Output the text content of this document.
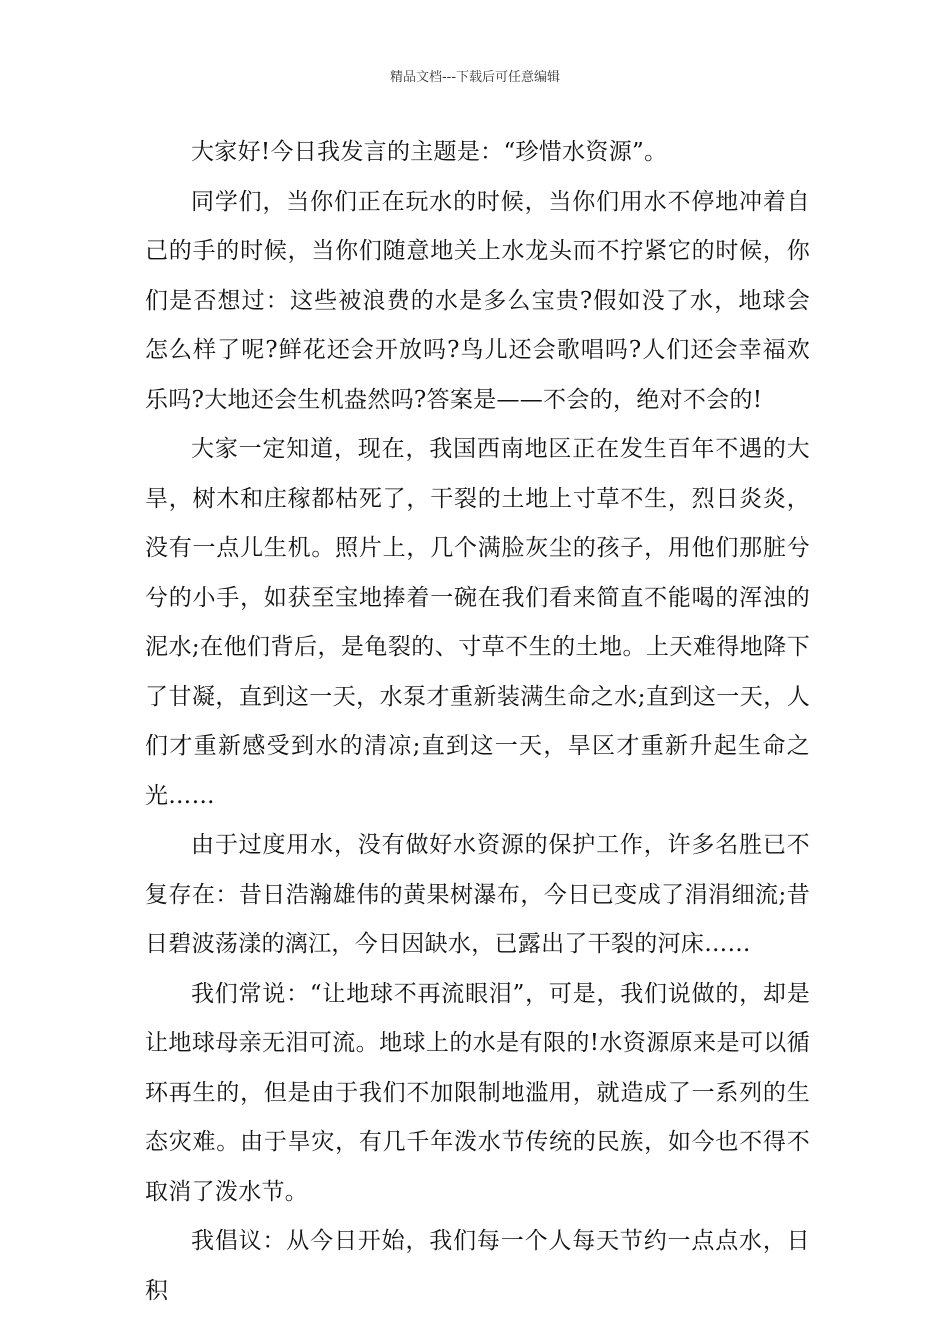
精品文档---下载后可任意编辑

大家好!今日我发言的主题是：“珍惜水资源”。

同学们，当你们正在玩水的时候，当你们用水不停地冲着自己的手的时候，当你们随意地关上水龙头而不拧紧它的时候，你们是否想过：这些被浪费的水是多么宝贵?假如没了水，地球会怎么样了呢?鲜花还会开放吗?鸟儿还会歌唱吗?人们还会幸福欢乐吗?大地还会生机盎然吗?答案是——不会的，绝对不会的!

大家一定知道，现在，我国西南地区正在发生百年不遇的大旱，树木和庄稼都枯死了，干裂的土地上寸草不生，烈日炎炎，没有一点儿生机。照片上，几个满脸灰尘的孩子，用他们那脏兮兮的小手，如获至宝地捧着一碗在我们看来简直不能喝的浑浊的泥水;在他们背后，是龟裂的、寸草不生的土地。上天难得地降下了甘凝，直到这一天，水泵才重新装满生命之水;直到这一天，人们才重新感受到水的清凉;直到这一天，旱区才重新升起生命之光……

由于过度用水，没有做好水资源的保护工作，许多名胜已不复存在：昔日浩瀚雄伟的黄果树瀑布，今日已变成了涓涓细流;昔日碧波荡漾的漓江，今日因缺水，已露出了干裂的河床……

我们常说：“让地球不再流眼泪”，可是，我们说做的，却是让地球母亲无泪可流。地球上的水是有限的!水资源原来是可以循环再生的，但是由于我们不加限制地滥用，就造成了一系列的生态灾难。由于旱灾，有几千年泼水节传统的民族，如今也不得不取消了泼水节。

我倡议：从今日开始，我们每一个人每天节约一点点水，日积
